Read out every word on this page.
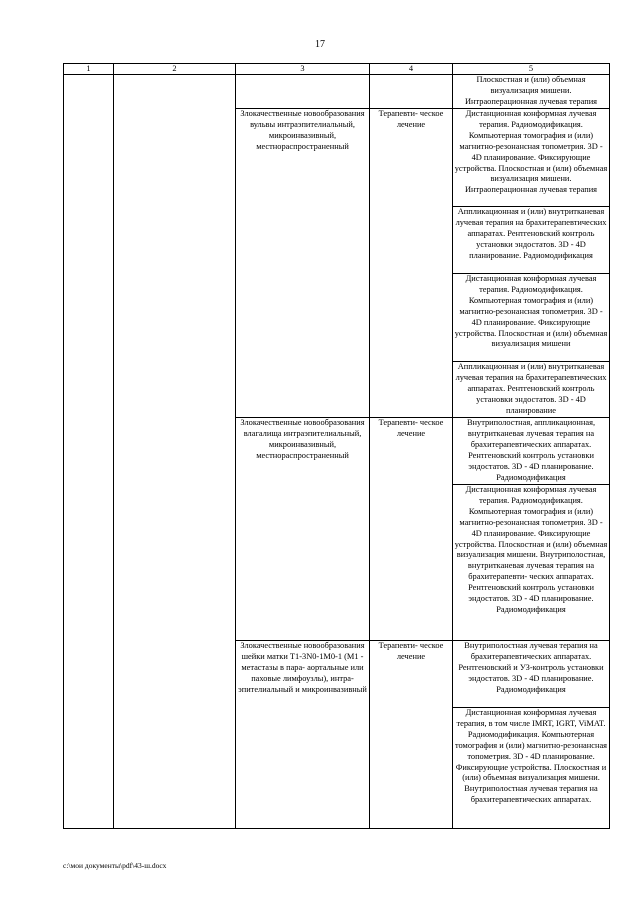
17
1	2	3	4	5
				Плоскостная и (или) объемная визуализация мишени. Интраоперационная лучевая терапия
		Злокачественные новообразования вульвы интраэпителиальный, микроинвазивный, местнораспространенный	Терапевти- ческое лечение	Дистанционная конформная лучевая терапия. Радиомодификация. Компьютерная томография и (или) магнитно-резонансная топометрия. 3D - 4D планирование. Фиксирующие устройства. Плоскостная и (или) объемная визуализация мишени. Интраоперационная лучевая терапия
				Аппликационная и (или) внутритканевая лучевая терапия на брахитерапевтических аппаратах. Рентгеновский контроль установки эндостатов. 3D - 4D планирование. Радиомодификация
				Дистанционная конформная лучевая терапия. Радиомодификация. Компьютерная томография и (или) магнитно-резонансная топометрия. 3D - 4D планирование. Фиксирующие устройства. Плоскостная и (или) объемная визуализация мишени
				Аппликационная и (или) внутритканевая лучевая терапия на брахитерапевтических аппаратах. Рентгеновский контроль установки эндостатов. 3D - 4D планирование
		Злокачественные новообразования влагалища интраэпителиальный, микроинвазивный, местнораспространенный	Терапевти- ческое лечение	Внутриполостная, аппликационная, внутритканевая лучевая терапия на брахитерапевтических аппаратах. Рентгеновский контроль установки эндостатов. 3D - 4D планирование. Радиомодификация
				Дистанционная конформная лучевая терапия. Радиомодификация. Компьютерная томография и (или) магнитно-резонансная топометрия. 3D - 4D планирование. Фиксирующие устройства. Плоскостная и (или) объемная визуализация мишени. Внутриполостная, внутритканевая лучевая терапия на брахитерапевти- ческих аппаратах. Рентгеновский контроль установки эндостатов. 3D - 4D планирование. Радиомодификация
		Злокачественные новообразования шейки матки T1-3N0-1M0-1 (M1 - метастазы в пара- аортальные или паховые лимфоузлы), интра- эпителиальный и микроинвазивный	Терапевти- ческое лечение	Внутриполостная лучевая терапия на брахитерапевтических аппаратах. Рентгеновский и УЗ-контроль установки эндостатов. 3D - 4D планирование. Радиомодификация
				Дистанционная конформная лучевая терапия, в том числе IMRT, IGRT, ViMAT. Радиомодификация. Компьютерная томография и (или) магнитно-резонансная топометрия. 3D - 4D планирование. Фиксирующие устройства. Плоскостная и (или) объемная визуализация мишени. Внутриполостная лучевая терапия на брахитерапевтических аппаратах.
c:\мои документы\pdf\43-ш.docx
